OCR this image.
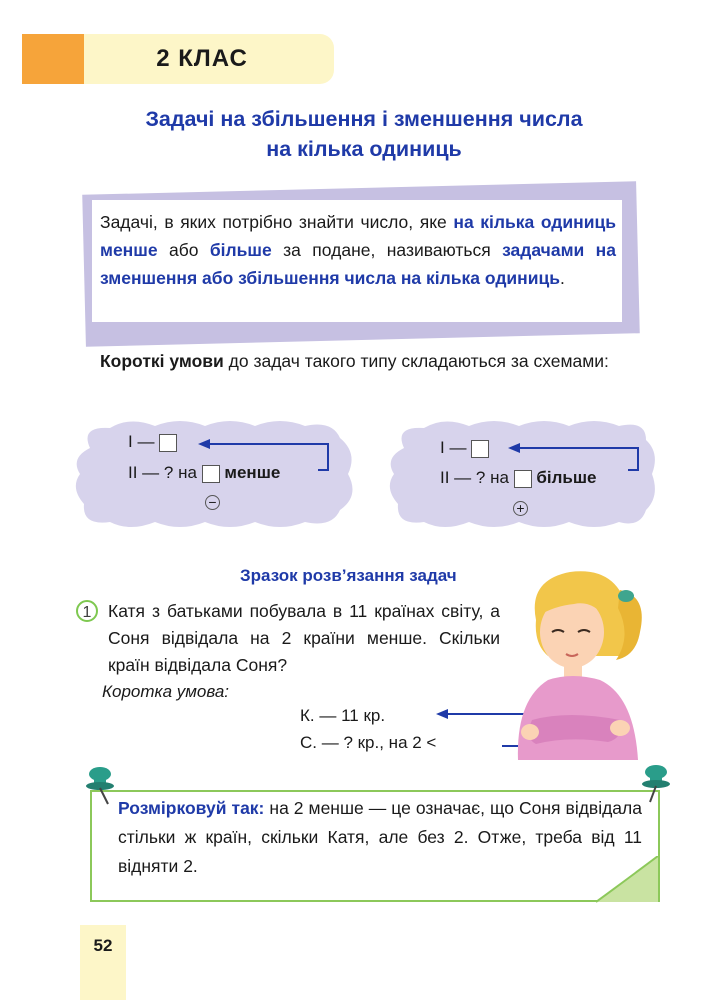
2 КЛАС
Задачі на збільшення і зменшення числа
на кілька одиниць
Задачі, в яких потрібно знайти число, яке на кілька одиниць менше або більше за подане, називаються задачами на зменшення або збільшення числа на кілька одиниць.
Короткі умови до задач такого типу складаються за схемами:
І —
ІІ — ? на менше
−
І —
ІІ — ? на більше
+
Зразок розв’язання задач
1 Катя з батьками побувала в 11 країнах світу, а Соня відвідала на 2 країни менше. Скільки країн відвідала Соня?
Коротка умова:
К. — 11 кр.
С. — ? кр., на 2 <
Розмірковуй так: на 2 менше — це означає, що Соня відвідала стільки ж країн, скільки Катя, але без 2. Отже, треба від 11 відняти 2.
52
